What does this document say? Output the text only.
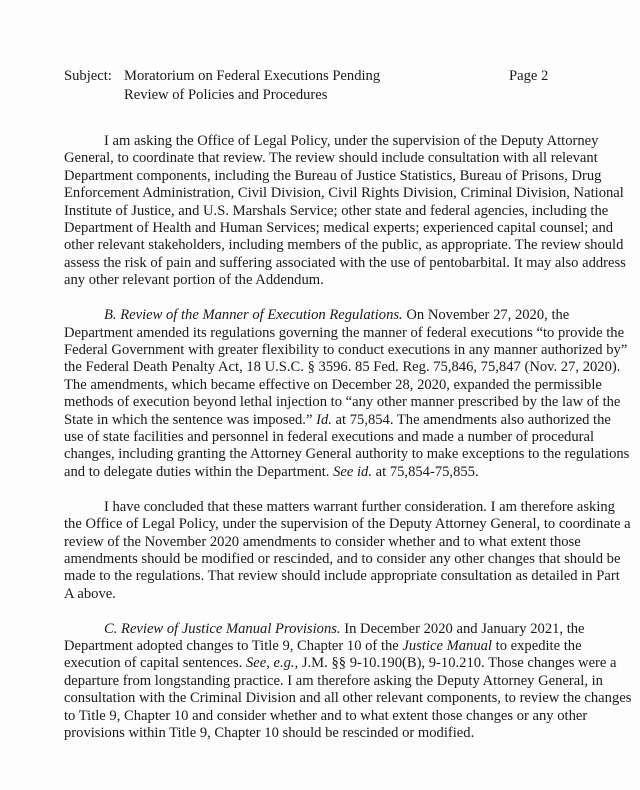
Subject: Moratorium on Federal Executions Pending
Review of Policies and Procedures
Page 2

I am asking the Office of Legal Policy, under the supervision of the Deputy Attorney
General, to coordinate that review. The review should include consultation with all relevant
Department components, including the Bureau of Justice Statistics, Bureau of Prisons, Drug
Enforcement Administration, Civil Division, Civil Rights Division, Criminal Division, National
Institute of Justice, and U.S. Marshals Service; other state and federal agencies, including the
Department of Health and Human Services; medical experts; experienced capital counsel; and
other relevant stakeholders, including members of the public, as appropriate. The review should
assess the risk of pain and suffering associated with the use of pentobarbital. It may also address
any other relevant portion of the Addendum.

B. Review of the Manner of Execution Regulations. On November 27, 2020, the
Department amended its regulations governing the manner of federal executions “to provide the
Federal Government with greater flexibility to conduct executions in any manner authorized by”
the Federal Death Penalty Act, 18 U.S.C. § 3596. 85 Fed. Reg. 75,846, 75,847 (Nov. 27, 2020).
The amendments, which became effective on December 28, 2020, expanded the permissible
methods of execution beyond lethal injection to “any other manner prescribed by the law of the
State in which the sentence was imposed.” Id. at 75,854. The amendments also authorized the
use of state facilities and personnel in federal executions and made a number of procedural
changes, including granting the Attorney General authority to make exceptions to the regulations
and to delegate duties within the Department. See id. at 75,854-75,855.

I have concluded that these matters warrant further consideration. I am therefore asking
the Office of Legal Policy, under the supervision of the Deputy Attorney General, to coordinate a
review of the November 2020 amendments to consider whether and to what extent those
amendments should be modified or rescinded, and to consider any other changes that should be
made to the regulations. That review should include appropriate consultation as detailed in Part
A above.

C. Review of Justice Manual Provisions. In December 2020 and January 2021, the
Department adopted changes to Title 9, Chapter 10 of the Justice Manual to expedite the
execution of capital sentences. See, e.g., J.M. §§ 9-10.190(B), 9-10.210. Those changes were a
departure from longstanding practice. I am therefore asking the Deputy Attorney General, in
consultation with the Criminal Division and all other relevant components, to review the changes
to Title 9, Chapter 10 and consider whether and to what extent those changes or any other
provisions within Title 9, Chapter 10 should be rescinded or modified.
